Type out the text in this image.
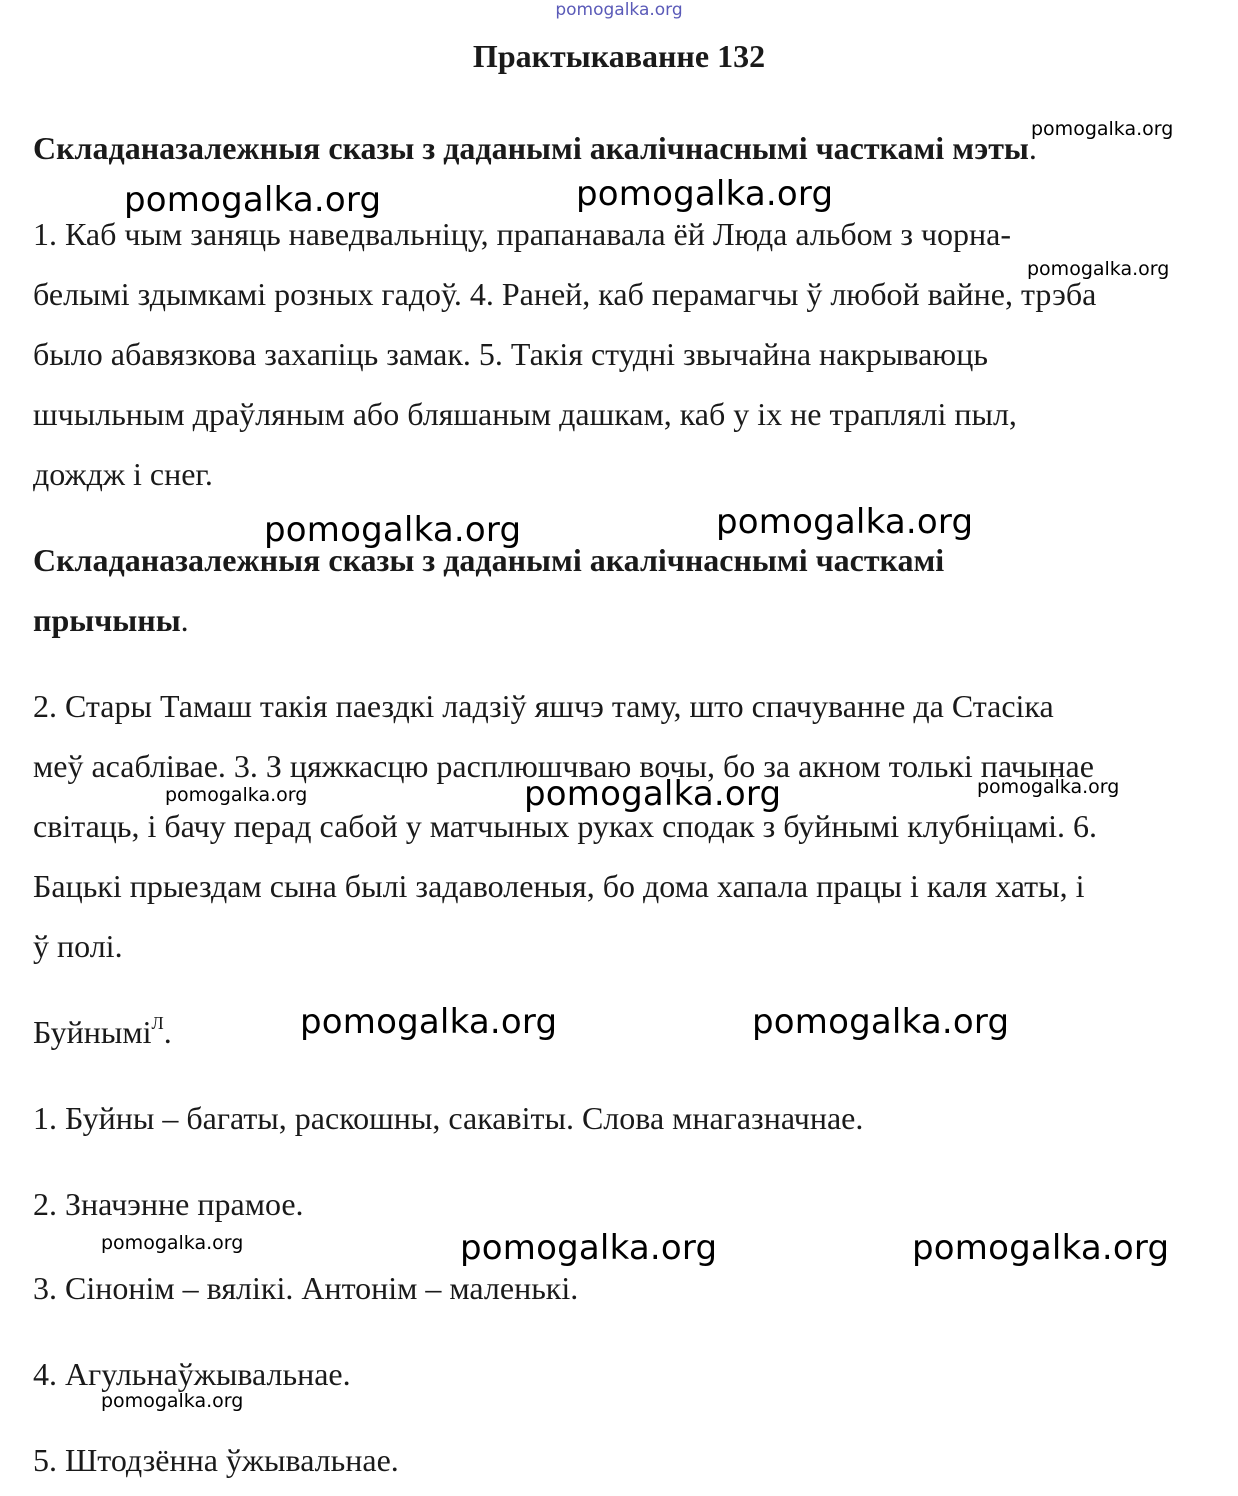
pomogalka.org
Практыкаванне 132
Складаназалежныя сказы з даданымі акалічнаснымі часткамі мэты.
1. Каб чым заняць наведвальніцу, прапанавала ёй Люда альбом з чорна-
белымі здымкамі розных гадоў. 4. Раней, каб перамагчы ў любой вайне, трэба
было абавязкова захапіць замак. 5. Такія студні звычайна накрываюць
шчыльным драўляным або бляшаным дашкам, каб у іх не траплялі пыл,
дождж і снег.
Складаназалежныя сказы з даданымі акалічнаснымі часткамі
прычыны.
2. Стары Тамаш такія паездкі ладзіў яшчэ таму, што спачуванне да Стасіка
меў асаблівае. 3. З цяжкасцю расплюшчваю вочы, бо за акном толькі пачынае
світаць, і бачу перад сабой у матчыных руках сподак з буйнымі клубніцамі. 6.
Бацькі прыездам сына былі задаволеныя, бо дома хапала працы і каля хаты, і
ў полі.
Буйнымі$^Л$.
1. Буйны – багаты, раскошны, сакавіты. Слова мнагазначнае.
2. Значэнне прамое.
3. Сінонім – вялікі. Антонім – маленькі.
4. Агульнаўжывальнае.
5. Штодзённа ўжывальнае.
pomogalka.org
pomogalka.org	pomogalka.org
pomogalka.org
pomogalka.org	pomogalka.org
pomogalka.org	pomogalka.org	pomogalka.org
pomogalka.org	pomogalka.org
pomogalka.org	pomogalka.org	pomogalka.org
pomogalka.org
